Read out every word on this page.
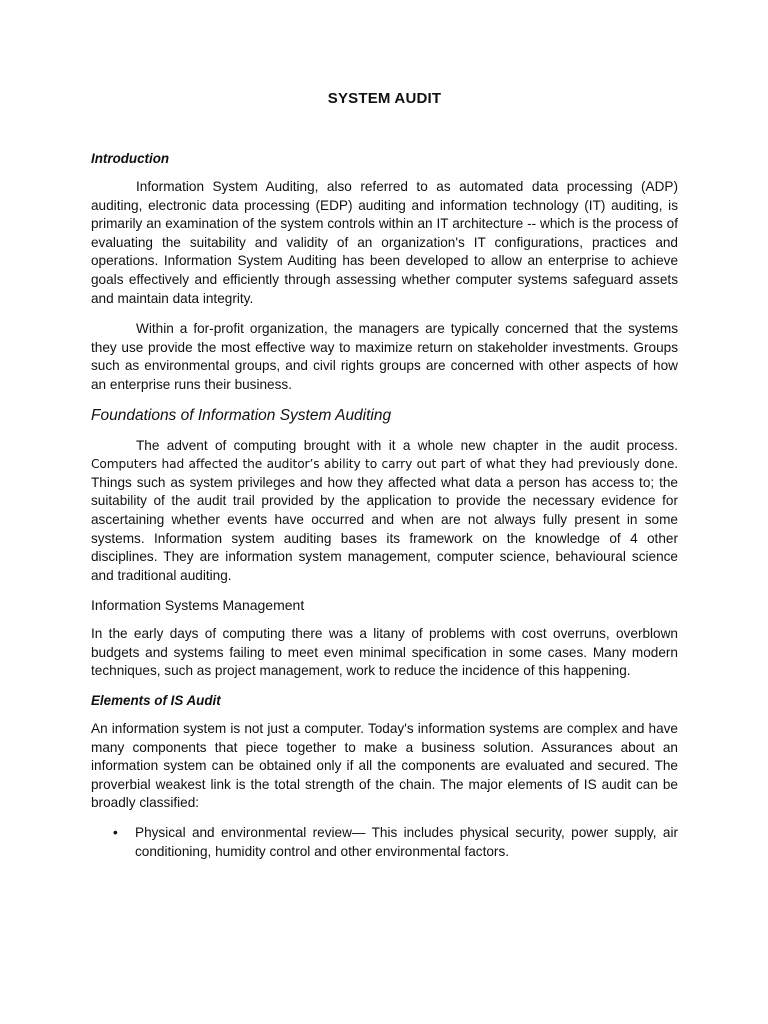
SYSTEM AUDIT
Introduction

Information System Auditing, also referred to as automated data processing (ADP) auditing, electronic data processing (EDP) auditing and information technology (IT) auditing, is primarily an examination of the system controls within an IT architecture -- which is the process of evaluating the suitability and validity of an organization's IT configurations, practices and operations. Information System Auditing has been developed to allow an enterprise to achieve goals effectively and efficiently through assessing whether computer systems safeguard assets and maintain data integrity.

Within a for-profit organization, the managers are typically concerned that the systems they use provide the most effective way to maximize return on stakeholder investments. Groups such as environmental groups, and civil rights groups are concerned with other aspects of how an enterprise runs their business.

Foundations of Information System Auditing

The advent of computing brought with it a whole new chapter in the audit process. Computers had affected the auditor’s ability to carry out part of what they had previously done. Things such as system privileges and how they affected what data a person has access to; the suitability of the audit trail provided by the application to provide the necessary evidence for ascertaining whether events have occurred and when are not always fully present in some systems. Information system auditing bases its framework on the knowledge of 4 other disciplines. They are information system management, computer science, behavioural science and traditional auditing.

Information Systems Management

In the early days of computing there was a litany of problems with cost overruns, overblown budgets and systems failing to meet even minimal specification in some cases. Many modern techniques, such as project management, work to reduce the incidence of this happening.

Elements of IS Audit

An information system is not just a computer. Today's information systems are complex and have many components that piece together to make a business solution. Assurances about an information system can be obtained only if all the components are evaluated and secured. The proverbial weakest link is the total strength of the chain. The major elements of IS audit can be broadly classified:

• Physical and environmental review— This includes physical security, power supply, air conditioning, humidity control and other environmental factors.
